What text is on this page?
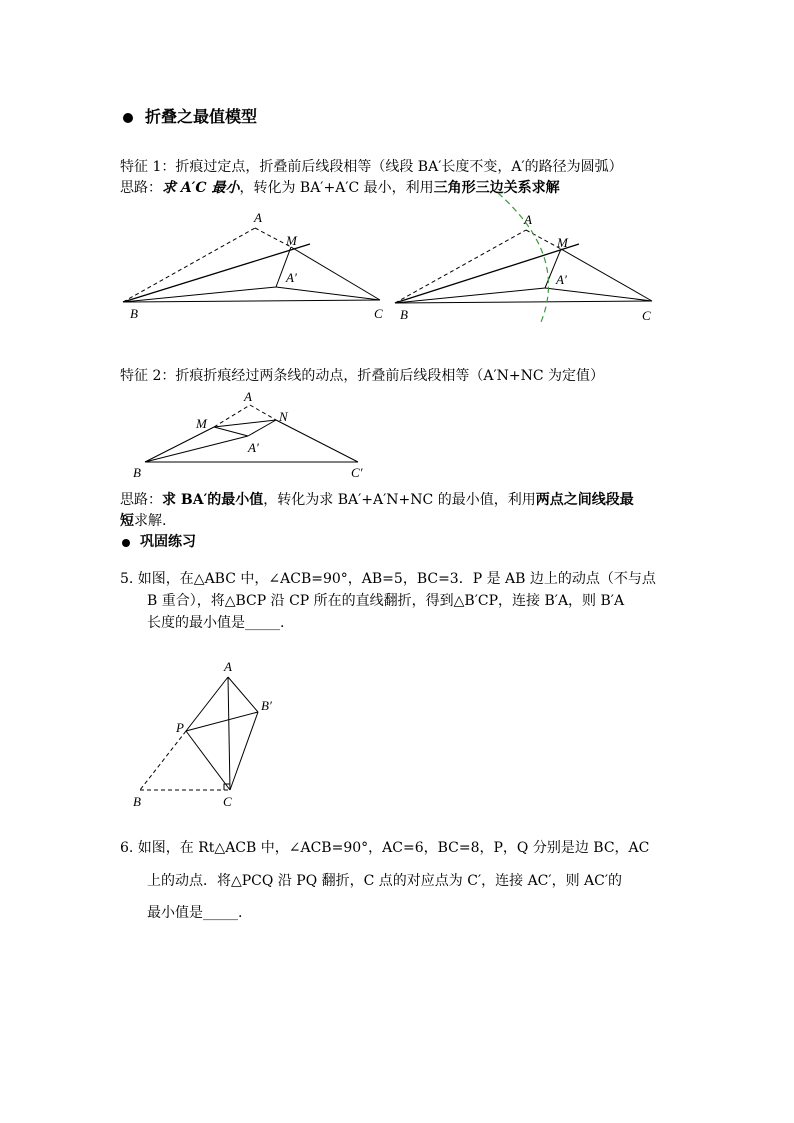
折叠之最值模型
特征 1：折痕过定点，折叠前后线段相等（线段 BA′长度不变，A′的路径为圆弧）
思路：求 A′C 最小，转化为 BA′+A′C 最小，利用三角形三边关系求解
特征 2：折痕折痕经过两条线的动点，折叠前后线段相等（A′N+NC 为定值）
思路：求 BA′的最小值，转化为求 BA′+A′N+NC 的最小值，利用两点之间线段最
短求解.
巩固练习
5. 如图，在△ABC 中，∠ACB=90°，AB=5，BC=3．P 是 AB 边上的动点（不与点
B 重合），将△BCP 沿 CP 所在的直线翻折，得到△B′CP，连接 B′A，则 B′A
长度的最小值是_____.
6. 如图，在 Rt△ACB 中，∠ACB=90°，AC=6，BC=8，P，Q 分别是边 BC，AC
上的动点．将△PCQ 沿 PQ 翻折，C 点的对应点为 C′，连接 AC′，则 AC′的
最小值是_____.
A
M
A′
B	C
A
M
A′
B	C
A
M	N
A′
B	C′
A
P
B′
B	C
